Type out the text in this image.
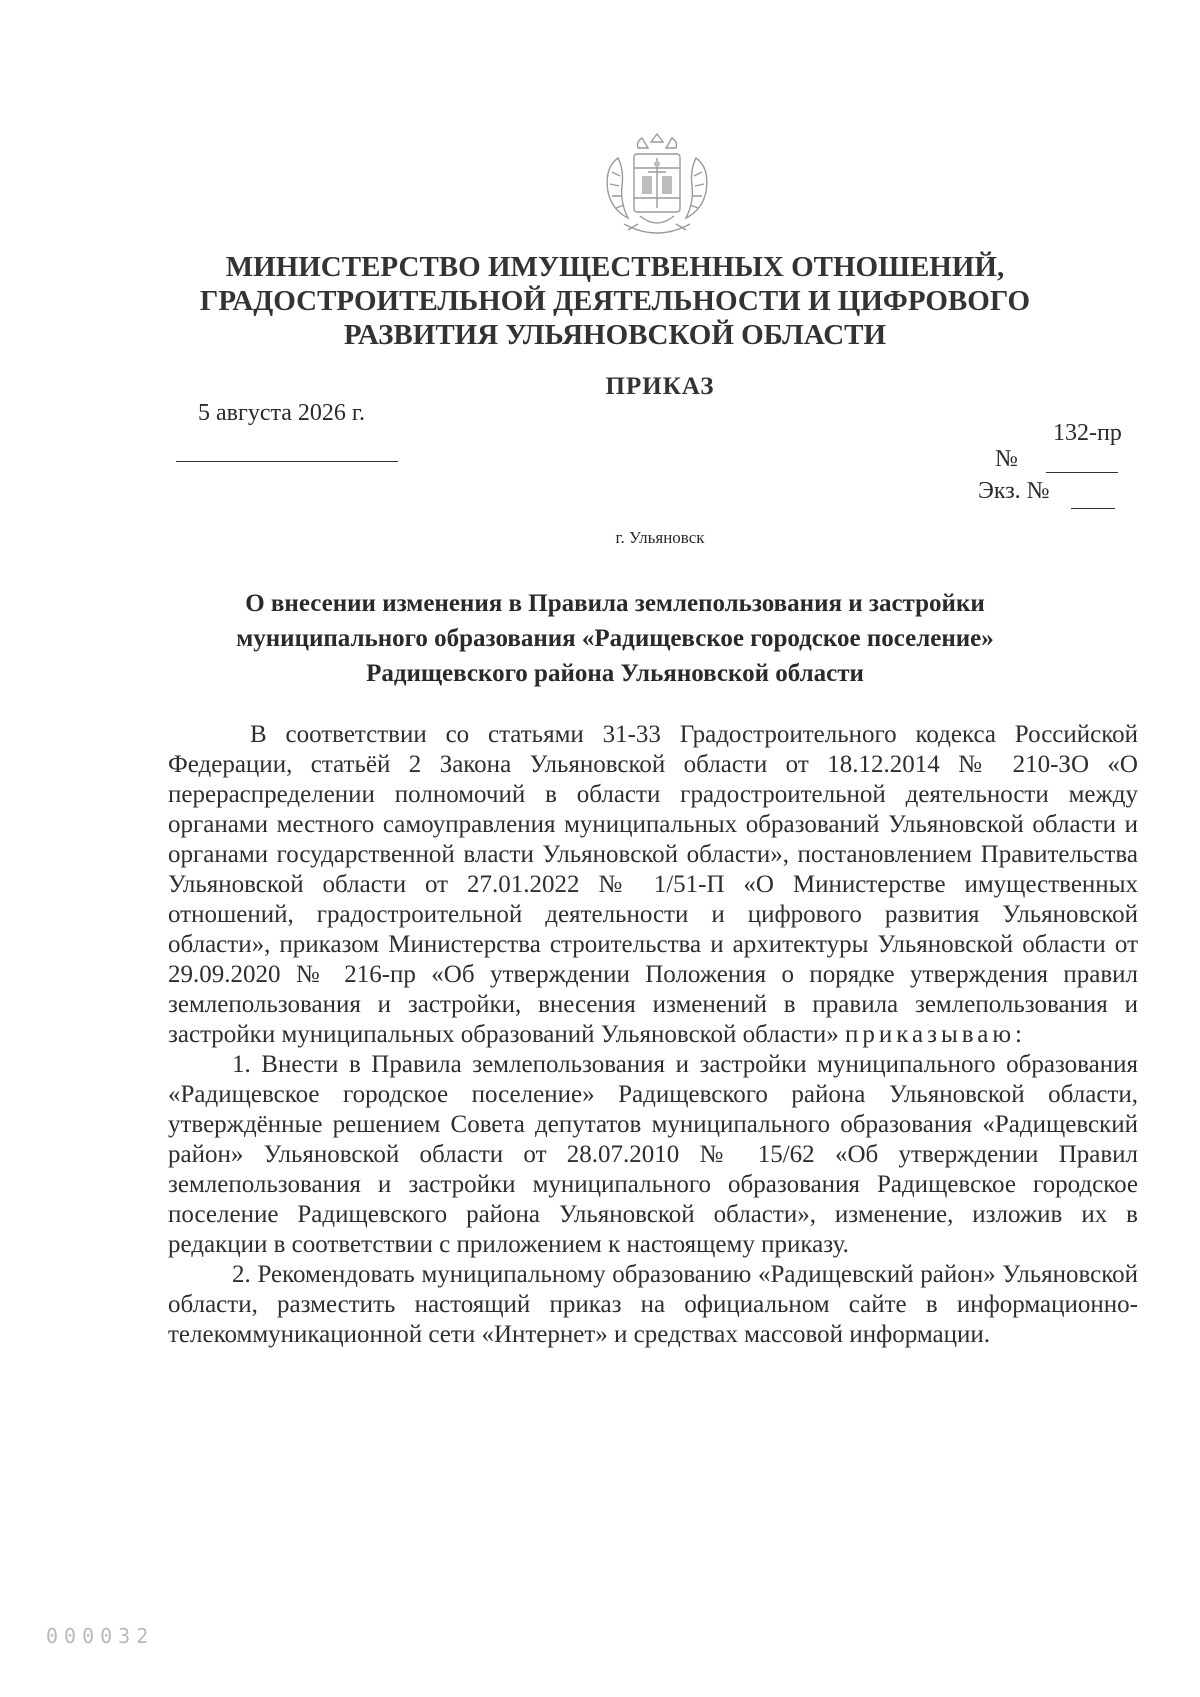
МИНИСТЕРСТВО ИМУЩЕСТВЕННЫХ ОТНОШЕНИЙ,
ГРАДОСТРОИТЕЛЬНОЙ ДЕЯТЕЛЬНОСТИ И ЦИФРОВОГО
РАЗВИТИЯ УЛЬЯНОВСКОЙ ОБЛАСТИ
ПРИКАЗ
5 августа 2026 г.
132-пр
№
Экз. №
г. Ульяновск
О внесении изменения в Правила землепользования и застройки
муниципального образования «Радищевское городское поселение»
Радищевского района Ульяновской области

В соответствии со статьями 31-33 Градостроительного кодекса Российской Федерации, статьёй 2 Закона Ульяновской области от 18.12.2014 № 210-ЗО «О перераспределении полномочий в области градостроительной деятельности между органами местного самоуправления муниципальных образований Ульяновской области и органами государственной власти Ульяновской области», постановлением Правительства Ульяновской области от 27.01.2022 № 1/51-П «О Министерстве имущественных отношений, градостроительной деятельности и цифрового развития Ульяновской области», приказом Министерства строительства и архитектуры Ульяновской области от 29.09.2020 № 216-пр «Об утверждении Положения о порядке утверждения правил землепользования и застройки, внесения изменений в правила землепользования и застройки муниципальных образований Ульяновской области» приказываю:

1. Внести в Правила землепользования и застройки муниципального образования «Радищевское городское поселение» Радищевского района Ульяновской области, утверждённые решением Совета депутатов муниципального образования «Радищевский район» Ульяновской области от 28.07.2010 № 15/62 «Об утверждении Правил землепользования и застройки муниципального образования Радищевское городское поселение Радищевского района Ульяновской области», изменение, изложив их в редакции в соответствии с приложением к настоящему приказу.

2. Рекомендовать муниципальному образованию «Радищевский район» Ульяновской области, разместить настоящий приказ на официальном сайте в информационно-телекоммуникационной сети «Интернет» и средствах массовой информации.

000032
